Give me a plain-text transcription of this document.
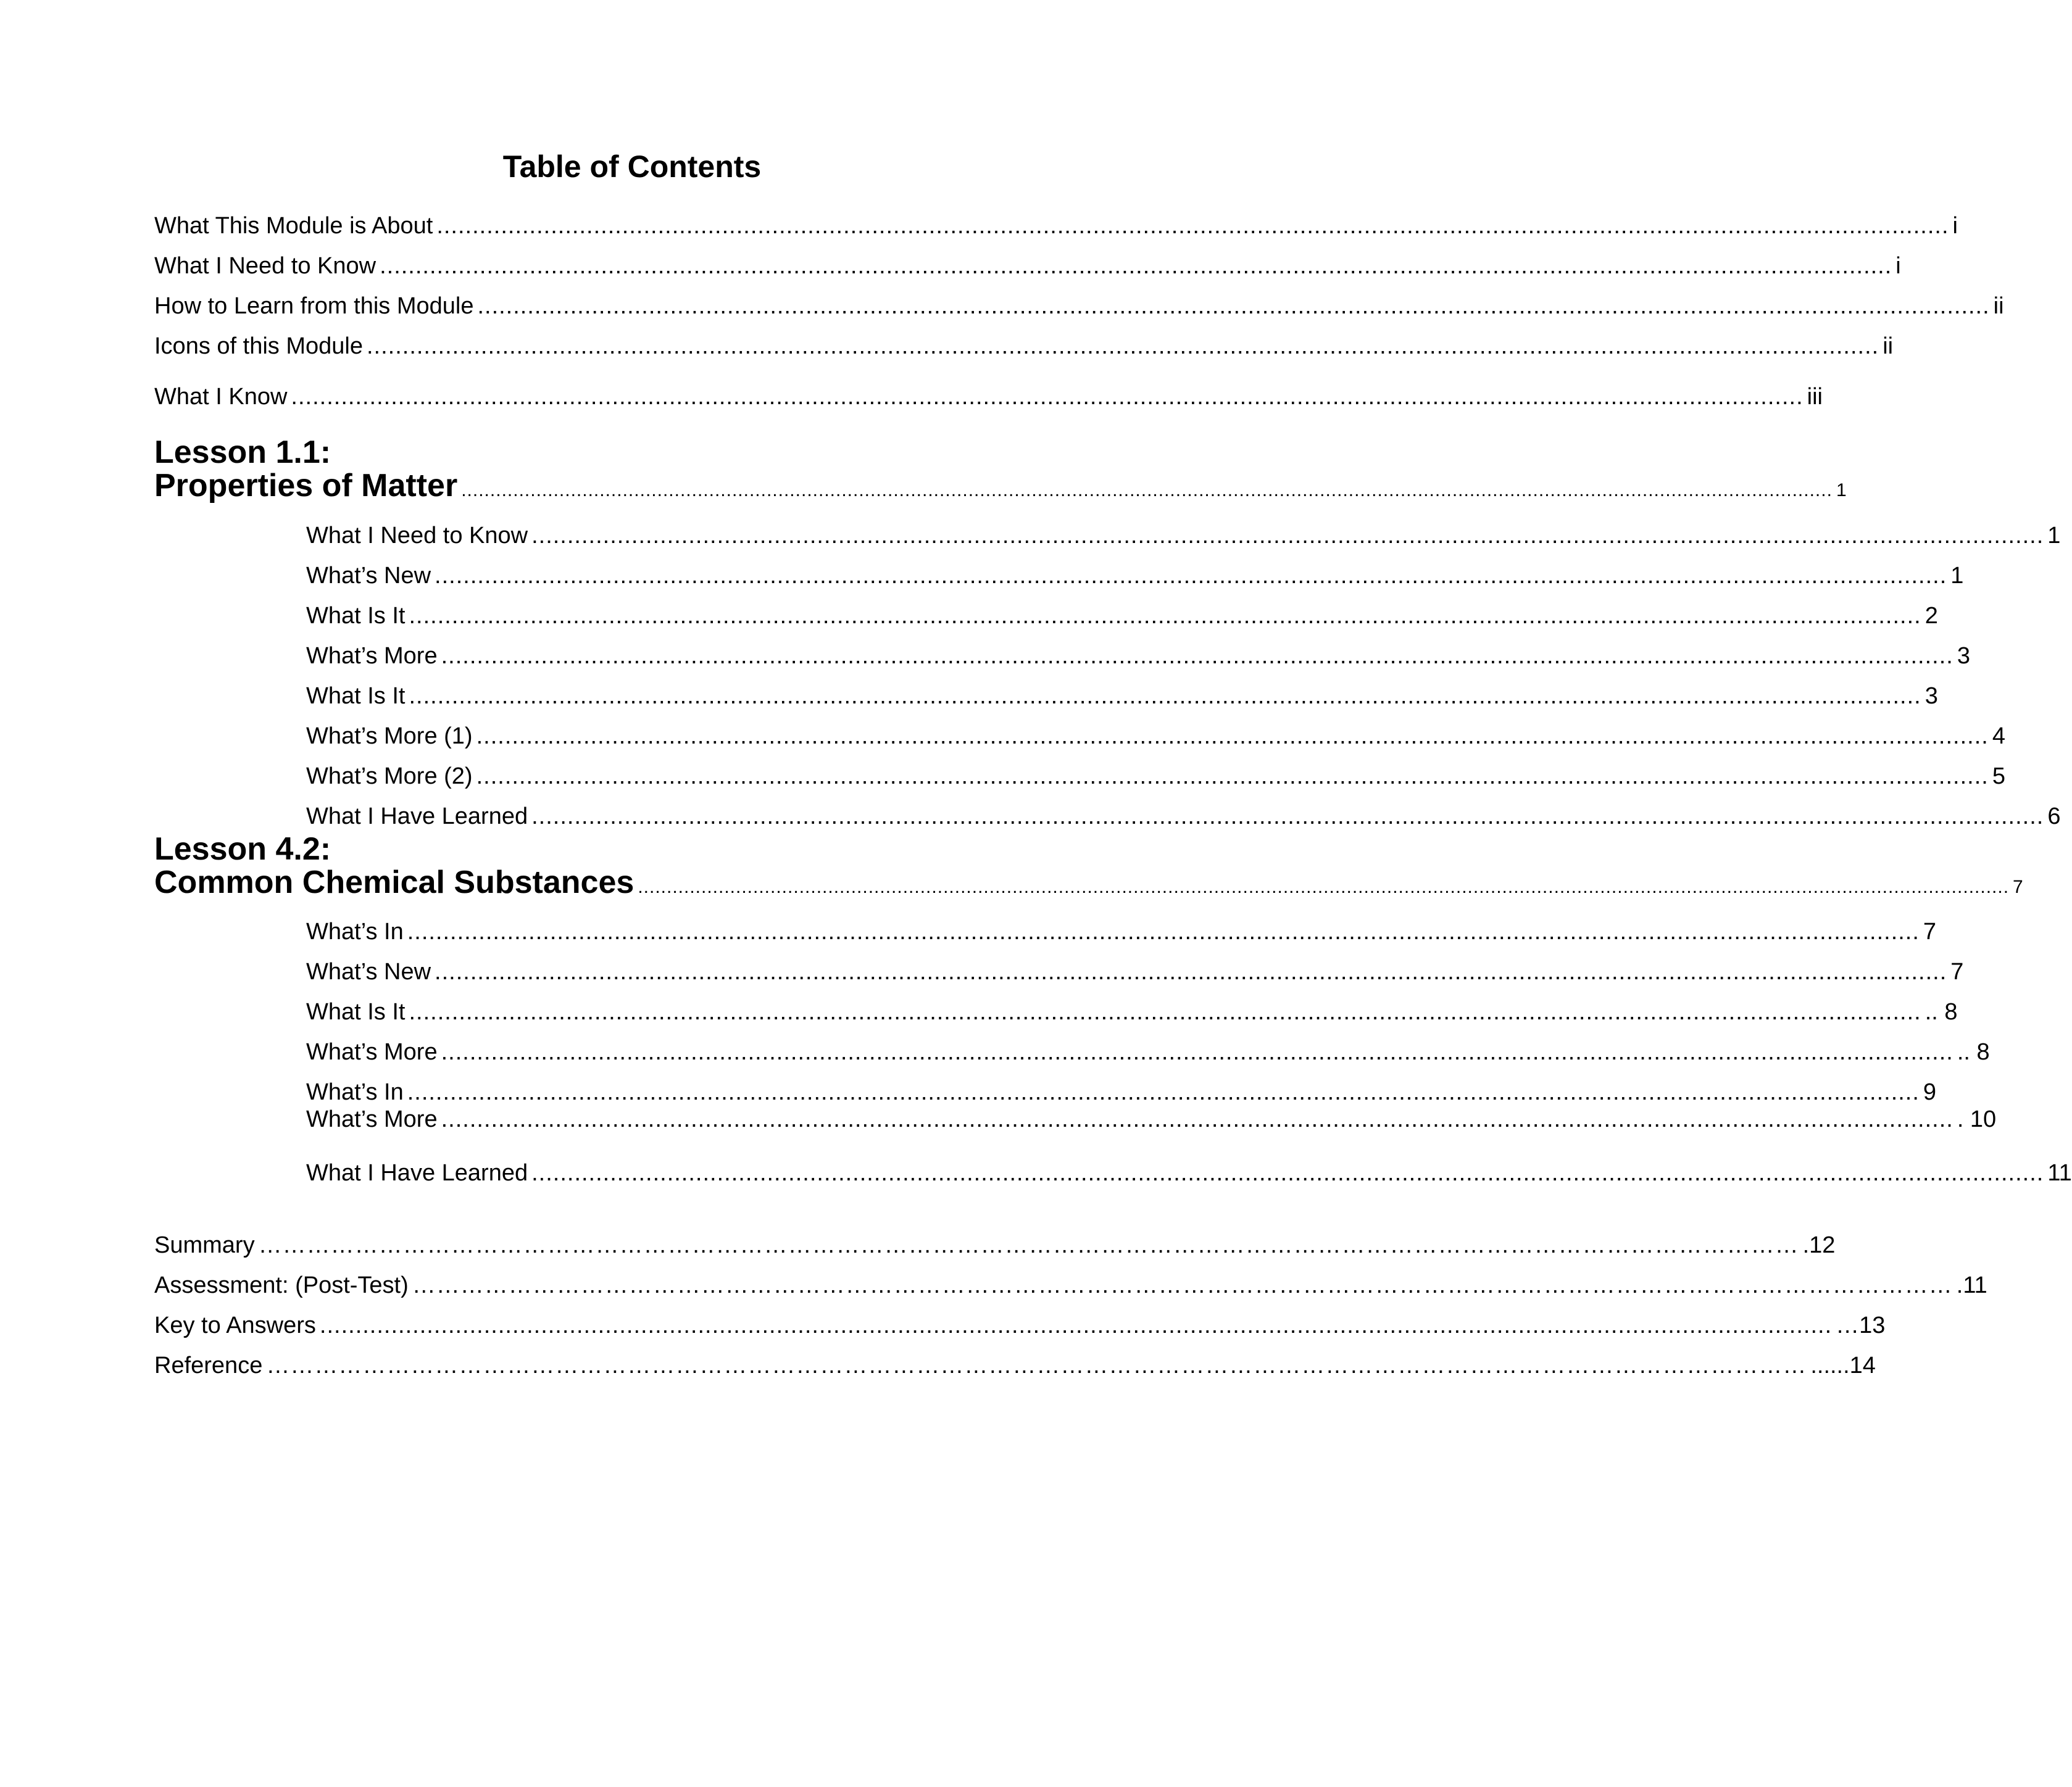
Table of Contents
What This Module is About .................................................................................................................................................................................................................... i
What I Need to Know .................................................................................................................................................................................................................... i
How to Learn from this Module .................................................................................................................................................................................................................... ii
Icons of this Module .................................................................................................................................................................................................................... ii
What I Know .................................................................................................................................................................................................................... iii
Lesson 1.1:
Properties of Matter .............................................................................................................................................................................................................................................. 1
What I Need to Know .................................................................................................................................................................................................................... 1
What’s New .................................................................................................................................................................................................................... 1
What Is It .................................................................................................................................................................................................................... 2
What’s More .................................................................................................................................................................................................................... 3
What Is It .................................................................................................................................................................................................................... 3
What’s More (1) .................................................................................................................................................................................................................... 4
What’s More (2) .................................................................................................................................................................................................................... 5
What I Have Learned .................................................................................................................................................................................................................... 6
Lesson 4.2:
Common Chemical Substances .............................................................................................................................................................................................................................................. 7
What’s In .................................................................................................................................................................................................................... 7
What’s New .................................................................................................................................................................................................................... 7
What Is It .................................................................................................................................................................................................................... .. 8
What’s More .................................................................................................................................................................................................................... .. 8
What’s In .................................................................................................................................................................................................................... 9
What’s More .................................................................................................................................................................................................................... . 10
What I Have Learned .................................................................................................................................................................................................................... 11
Summary ………………………………………………………………………………………………………………………………………………………………………… .12
Assessment: (Post-Test) ………………………………………………………………………………………………………………………………………………………………………… .11
Key to Answers .................................................................................................................................................................................................................... …13
Reference ………………………………………………………………………………………………………………………………………………………………………… ......14
